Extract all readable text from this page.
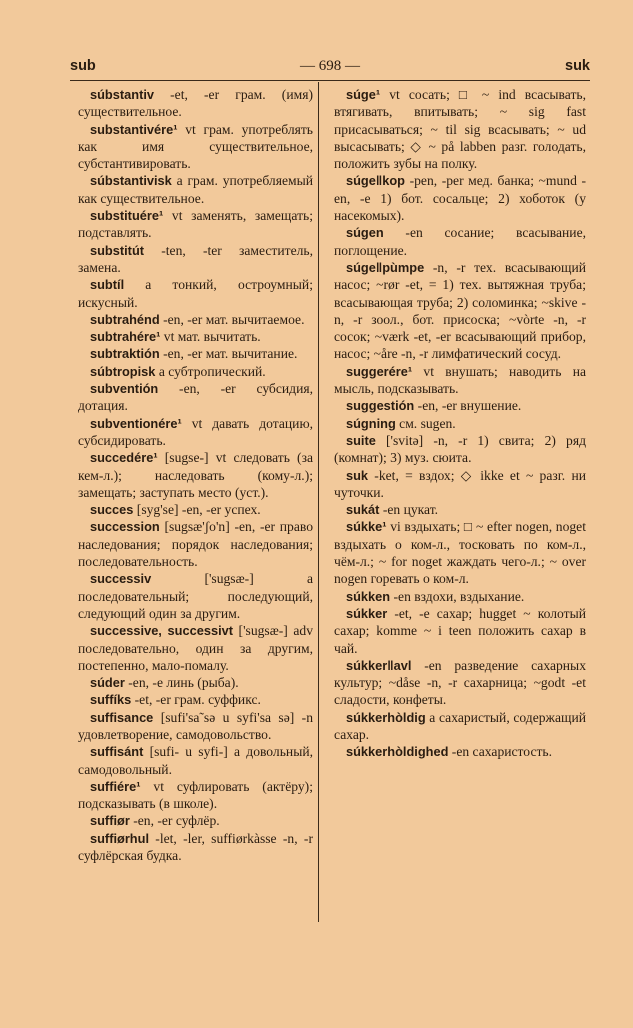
sub	— 698 —	suk

súbstantiv -et, -er грам. (имя) существительное.

substantivére¹ vt грам. употреблять как имя существительное, субстантивировать.

súbstantivisk a грам. употребляемый как существительное.

substituére¹ vt заменять, замещать; подставлять.

substitút -ten, -ter заместитель, замена.

subtíl a тонкий, остроумный; искусный.

subtrahénd -en, -er мат. вычитаемое.

subtrahére¹ vt мат. вычитать.

subtraktión -en, -er мат. вычитание.

súbtropisk a субтропический.

subventión -en, -er субсидия, дотация.

subventionére¹ vt давать дотацию, субсидировать.

succedére¹ [sugse-] vt следовать (за кем-л.); наследовать (кому-л.); замещать; заступать место (уст.).

succes [syg'se] -en, -er успех.

succession [sugsæ'ʃo'n] -en, -er право наследования; порядок наследования; последовательность.

successiv ['sugsæ-] a последовательный; последующий, следующий один за другим.

successive, successivt ['sugsæ-] adv последовательно, один за другим, постепенно, мало-помалу.

súder -en, -e линь (рыба).

suffíks -et, -er грам. суффикс.

suffisance [sufi'sa˜sə u syfi'sa sə] -n удовлетворение, самодовольство.

suffisánt [sufi- u syfi-] a довольный, самодовольный.

suffiére¹ vt суфлировать (актёру); подсказывать (в школе).

suffiør -en, -er суфлёр.

suffiørhul -let, -ler, suffiørkàsse -n, -r суфлёрская будка.

súge¹ vt сосать; □ ~ ind всасывать, втягивать, впитывать; ~ sig fast присасываться; ~ til sig всасывать; ~ ud высасывать; ◇ ~ på labben разг. голодать, положить зубы на полку.

súge‖kop -pen, -per мед. банка; ~mund -en, -e 1) бот. сосальце; 2) хоботок (у насекомых).

súgen -en сосание; всасывание, поглощение.

súge‖pùmpe -n, -r тех. всасывающий насос; ~rør -et, = 1) тех. вытяжная труба; всасывающая труба; 2) соломинка; ~skive -n, -r зоол., бот. присоска; ~vòrte -n, -r сосок; ~værk -et, -er всасывающий прибор, насос; ~åre -n, -r лимфатический сосуд.

suggerére¹ vt внушать; наводить на мысль, подсказывать.

suggestión -en, -er внушение.

súgning см. sugen.

suite ['svitə] -n, -r 1) свита; 2) ряд (комнат); 3) муз. сюита.

suk -ket, = вздох; ◇ ikke et ~ разг. ни чуточки.

sukát -en цукат.

súkke¹ vi вздыхать; □ ~ efter nogen, noget вздыхать о ком-л., тосковать по ком-л., чём-л.; ~ for noget жаждать чего-л.; ~ over nogen горевать о ком-л.

súkken -en вздохи, вздыхание.

súkker -et, -e сахар; hugget ~ колотый сахар; komme ~ i teen положить сахар в чай.

súkker‖avl -en разведение сахарных культур; ~dåse -n, -r сахарница; ~godt -et сладости, конфеты.

súkkerhòldig a сахаристый, содержащий сахар.

súkkerhòldighed -en сахаристость.
